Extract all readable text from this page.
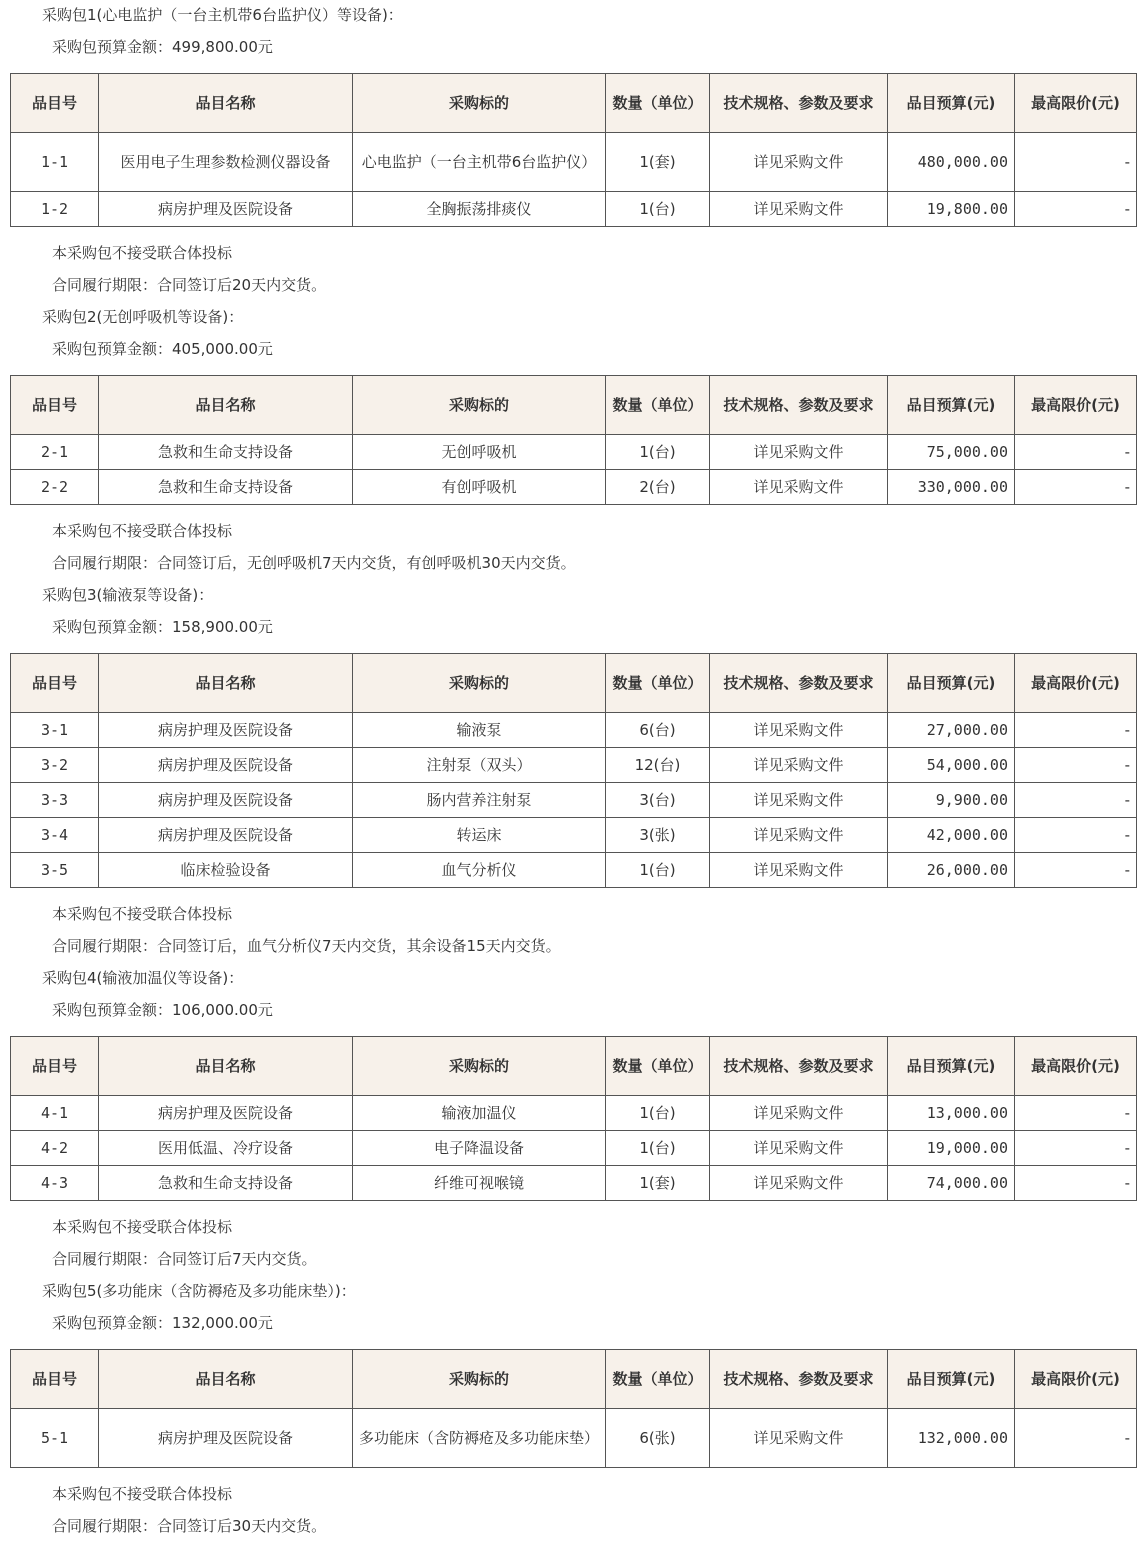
采购包1(心电监护（一台主机带6台监护仪）等设备)：
采购包预算金额：499,800.00元
品目号	品目名称	采购标的	数量（单位）	技术规格、参数及要求	品目预算(元)	最高限价(元)
1-1	医用电子生理参数检测仪器设备	心电监护（一台主机带6台监护仪）	1(套)	详见采购文件	480,000.00	-
1-2	病房护理及医院设备	全胸振荡排痰仪	1(台)	详见采购文件	19,800.00	-
本采购包不接受联合体投标
合同履行期限：合同签订后20天内交货。
采购包2(无创呼吸机等设备)：
采购包预算金额：405,000.00元
品目号	品目名称	采购标的	数量（单位）	技术规格、参数及要求	品目预算(元)	最高限价(元)
2-1	急救和生命支持设备	无创呼吸机	1(台)	详见采购文件	75,000.00	-
2-2	急救和生命支持设备	有创呼吸机	2(台)	详见采购文件	330,000.00	-
本采购包不接受联合体投标
合同履行期限：合同签订后，无创呼吸机7天内交货，有创呼吸机30天内交货。
采购包3(输液泵等设备)：
采购包预算金额：158,900.00元
品目号	品目名称	采购标的	数量（单位）	技术规格、参数及要求	品目预算(元)	最高限价(元)
3-1	病房护理及医院设备	输液泵	6(台)	详见采购文件	27,000.00	-
3-2	病房护理及医院设备	注射泵（双头）	12(台)	详见采购文件	54,000.00	-
3-3	病房护理及医院设备	肠内营养注射泵	3(台)	详见采购文件	9,900.00	-
3-4	病房护理及医院设备	转运床	3(张)	详见采购文件	42,000.00	-
3-5	临床检验设备	血气分析仪	1(台)	详见采购文件	26,000.00	-
本采购包不接受联合体投标
合同履行期限：合同签订后，血气分析仪7天内交货，其余设备15天内交货。
采购包4(输液加温仪等设备)：
采购包预算金额：106,000.00元
品目号	品目名称	采购标的	数量（单位）	技术规格、参数及要求	品目预算(元)	最高限价(元)
4-1	病房护理及医院设备	输液加温仪	1(台)	详见采购文件	13,000.00	-
4-2	医用低温、冷疗设备	电子降温设备	1(台)	详见采购文件	19,000.00	-
4-3	急救和生命支持设备	纤维可视喉镜	1(套)	详见采购文件	74,000.00	-
本采购包不接受联合体投标
合同履行期限：合同签订后7天内交货。
采购包5(多功能床（含防褥疮及多功能床垫）)：
采购包预算金额：132,000.00元
品目号	品目名称	采购标的	数量（单位）	技术规格、参数及要求	品目预算(元)	最高限价(元)
5-1	病房护理及医院设备	多功能床（含防褥疮及多功能床垫）	6(张)	详见采购文件	132,000.00	-
本采购包不接受联合体投标
合同履行期限：合同签订后30天内交货。
